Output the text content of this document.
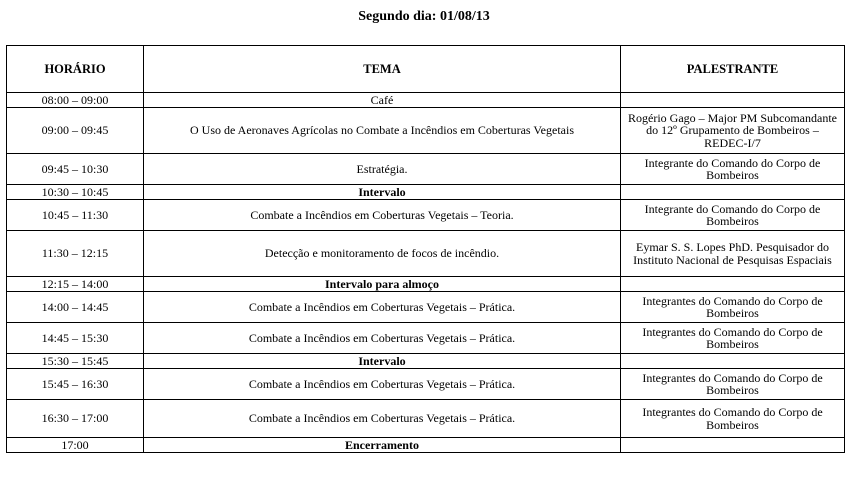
Segundo dia: 01/08/13
HORÁRIO	TEMA	PALESTRANTE
08:00 – 09:00	Café	
09:00 – 09:45	O Uso de Aeronaves Agrícolas no Combate a Incêndios em Coberturas Vegetais	Rogério Gago – Major PM Subcomandante do 12º Grupamento de Bombeiros – REDEC-I/7
09:45 – 10:30	Estratégia.	Integrante do Comando do Corpo de Bombeiros
10:30 – 10:45	Intervalo	
10:45 – 11:30	Combate a Incêndios em Coberturas Vegetais – Teoria.	Integrante do Comando do Corpo de Bombeiros
11:30 – 12:15	Detecção e monitoramento de focos de incêndio.	Eymar S. S. Lopes PhD. Pesquisador do Instituto Nacional de Pesquisas Espaciais
12:15 – 14:00	Intervalo para almoço	
14:00 – 14:45	Combate a Incêndios em Coberturas Vegetais – Prática.	Integrantes do Comando do Corpo de Bombeiros
14:45 – 15:30	Combate a Incêndios em Coberturas Vegetais – Prática.	Integrantes do Comando do Corpo de Bombeiros
15:30 – 15:45	Intervalo	
15:45 – 16:30	Combate a Incêndios em Coberturas Vegetais – Prática.	Integrantes do Comando do Corpo de Bombeiros
16:30 – 17:00	Combate a Incêndios em Coberturas Vegetais – Prática.	Integrantes do Comando do Corpo de Bombeiros
17:00	Encerramento	
